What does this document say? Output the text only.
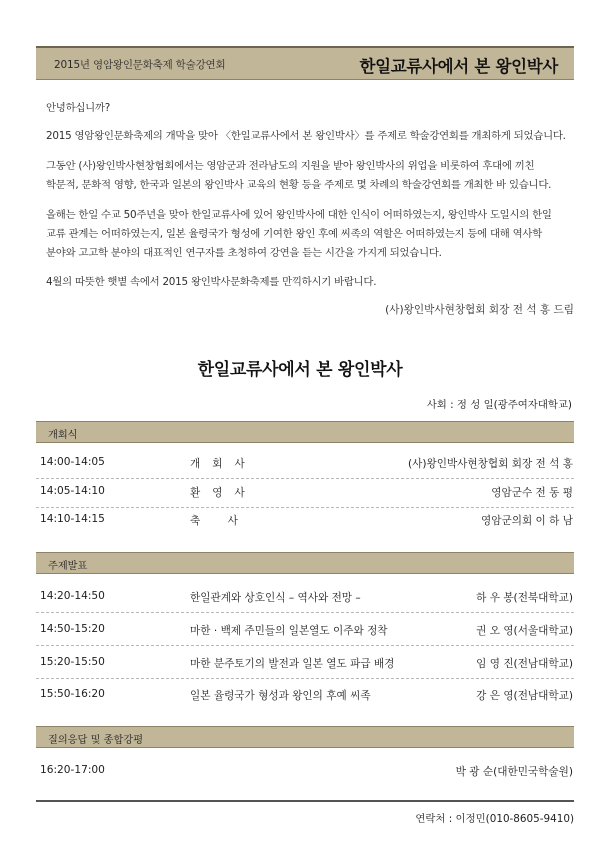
2015년 영암왕인문화축제 학술강연회	한일교류사에서 본 왕인박사

안녕하십니까?

2015 영암왕인문화축제의 개막을 맞아 〈한일교류사에서 본 왕인박사〉를 주제로 학술강연회를 개최하게 되었습니다.

그동안 (사)왕인박사현창협회에서는 영암군과 전라남도의 지원을 받아 왕인박사의 위업을 비롯하여 후대에 끼친

학문적, 문화적 영향, 한국과 일본의 왕인박사 교육의 현황 등을 주제로 몇 차례의 학술강연회를 개최한 바 있습니다.

올해는 한일 수교 50주년을 맞아 한일교류사에 있어 왕인박사에 대한 인식이 어떠하였는지, 왕인박사 도일시의 한일

교류 관계는 어떠하였는지, 일본 율령국가 형성에 기여한 왕인 후예 씨족의 역할은 어떠하였는지 등에 대해 역사학

분야와 고고학 분야의 대표적인 연구자를 초청하여 강연을 듣는 시간을 가지게 되었습니다.

4월의 따뜻한 햇볕 속에서 2015 왕인박사문화축제를 만끽하시기 바랍니다.

(사)왕인박사현창협회 회장 전 석 홍 드림
한일교류사에서 본 왕인박사
사회 : 정 성 일(광주여자대학교)
개회식
14:00-14:05	개회사	(사)왕인박사현창협회 회장 전 석 홍
14:05-14:10	환영사	영암군수 전 동 평
14:10-14:15	축 사	영암군의회 이 하 남
주제발표
14:20-14:50	한일관계와 상호인식 – 역사와 전망 –	하 우 봉(전북대학교)
14:50-15:20	마한 · 백제 주민들의 일본열도 이주와 정착	권 오 영(서울대학교)
15:20-15:50	마한 분주토기의 발전과 일본 열도 파급 배경	임 영 진(전남대학교)
15:50-16:20	일본 율령국가 형성과 왕인의 후예 씨족	강 은 영(전남대학교)
질의응답 및 종합강평
16:20-17:00	박 광 순(대한민국학술원)
연락처 : 이정민(010-8605-9410)
